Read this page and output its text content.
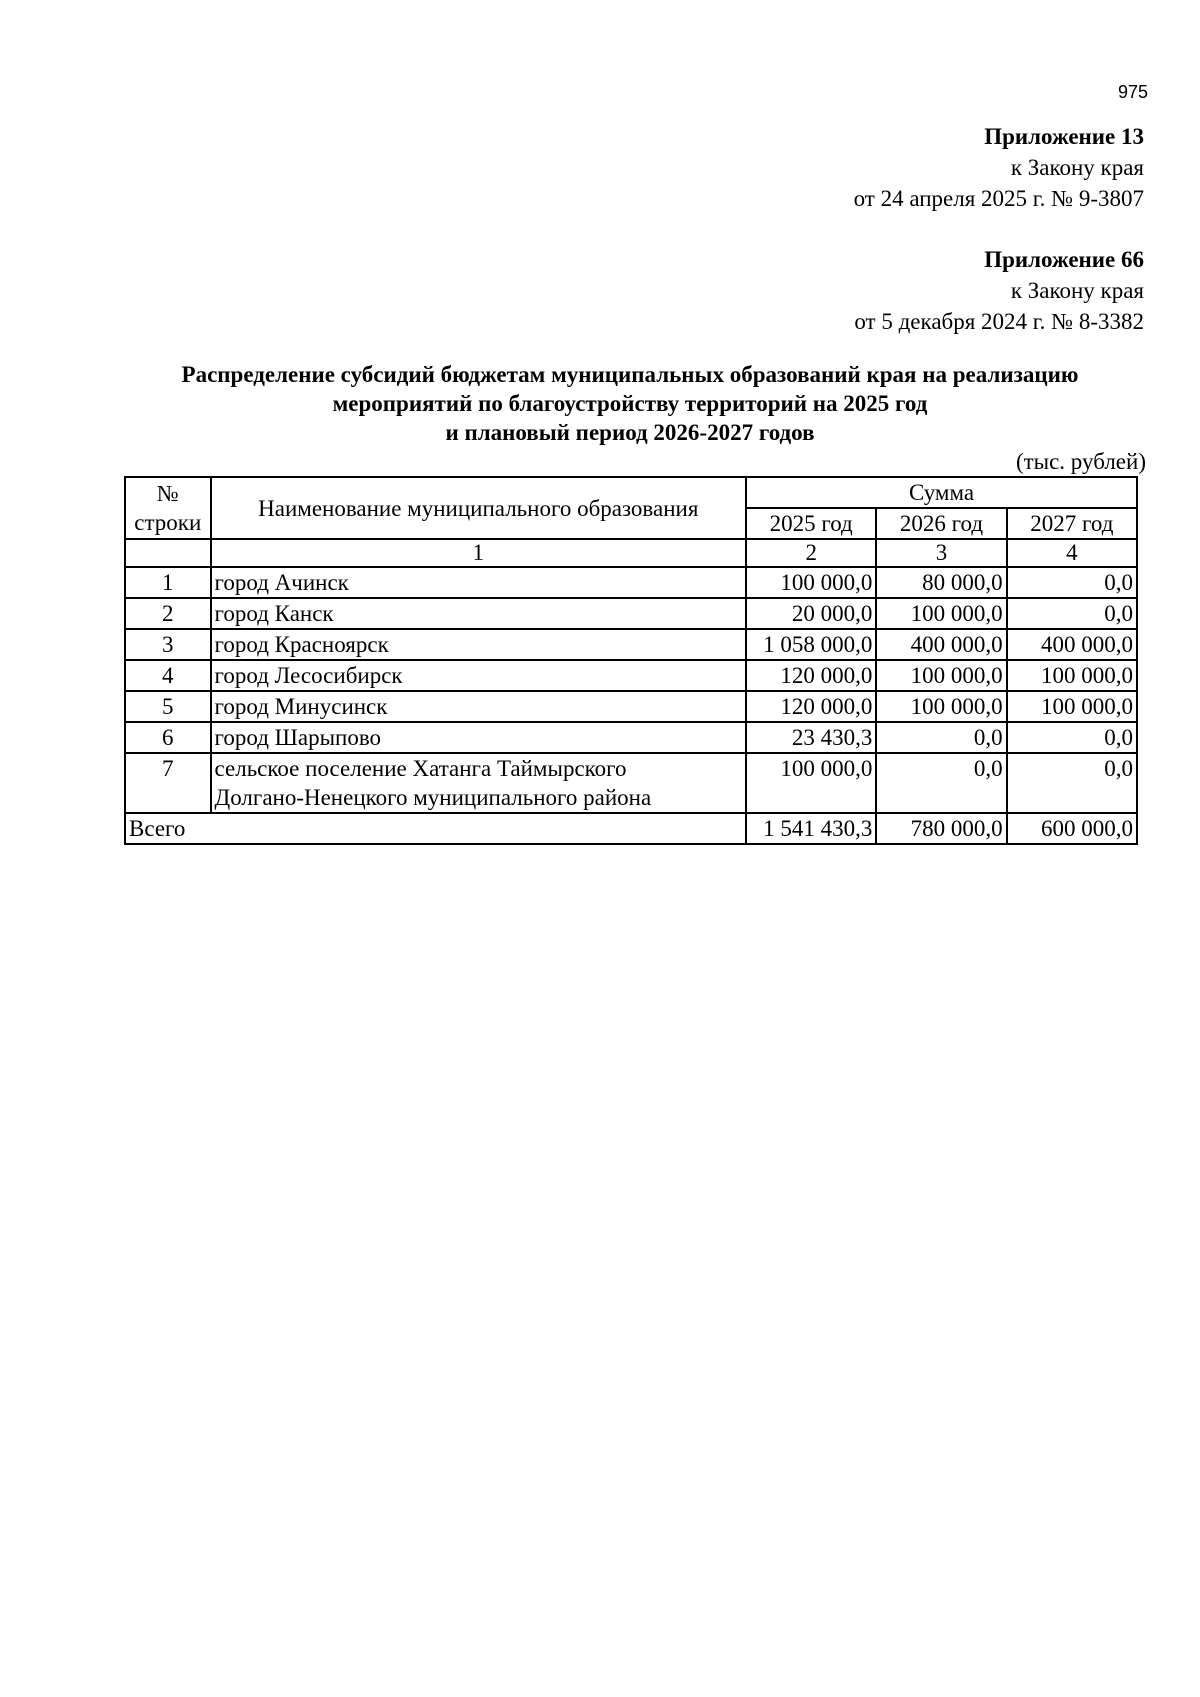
975
Приложение 13
к Закону края
от 24 апреля 2025 г. № 9-3807
Приложение 66
к Закону края
от 5 декабря 2024 г. № 8-3382
Распределение субсидий бюджетам муниципальных образований края на реализацию
мероприятий по благоустройству территорий на 2025 год
и плановый период 2026-2027 годов
(тыс. рублей)
№
строки	Наименование муниципального образования	Сумма		
		2025 год	2026 год	2027 год
	1	2	3	4
1	город Ачинск	100 000,0	80 000,0	0,0
2	город Канск	20 000,0	100 000,0	0,0
3	город Красноярск	1 058 000,0	400 000,0	400 000,0
4	город Лесосибирск	120 000,0	100 000,0	100 000,0
5	город Минусинск	120 000,0	100 000,0	100 000,0
6	город Шарыпово	23 430,3	0,0	0,0
7	сельское поселение Хатанга Таймырского
Долгано-Ненецкого муниципального района	100 000,0	0,0	0,0
Всего		1 541 430,3	780 000,0	600 000,0
